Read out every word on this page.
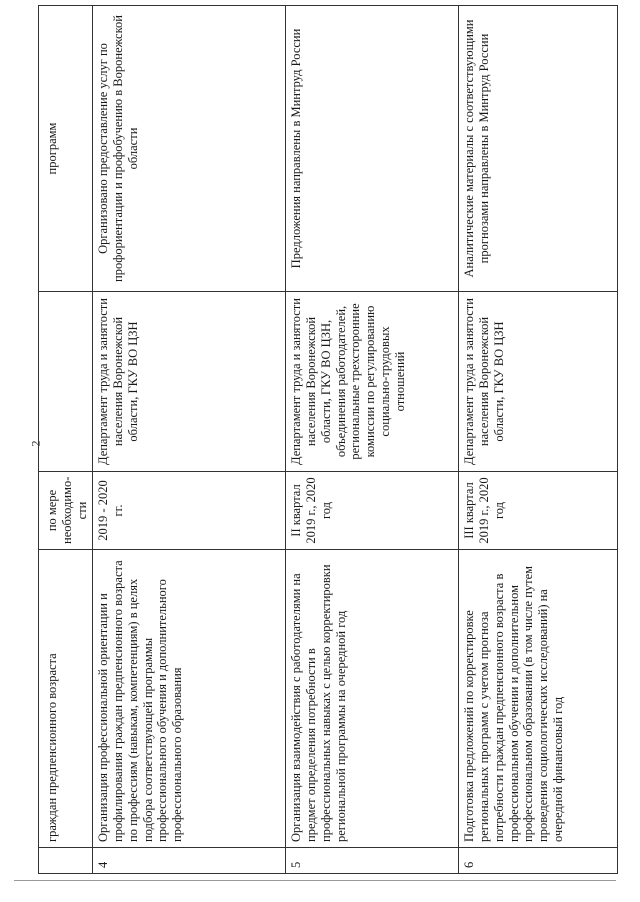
2
	граждан предпенсионного возраста	по мере необходимо-сти		программ
4	Организация профессиональной ориентации и профилирования граждан предпенсионного возраста по профессиям (навыкам, компетенциям) в целях подбора соответствующей программы профессионального обучения и дополнительного профессионального образования	2019 - 2020 гг.	Департамент труда и занятости населения Воронежской области, ГКУ ВО ЦЗН	Организовано предоставление услуг по профориентации и профобучению в Воронежской области
5	Организация взаимодействия с работодателями на предмет определения потребности в профессиональных навыках с целью корректировки региональной программы на очередной год	II квартал 2019 г., 2020 год	Департамент труда и занятости населения Воронежской области, ГКУ ВО ЦЗН, объединения работодателей, региональные трехсторонние комиссии по регулированию социально-трудовых отношений	Предложения направлены в Минтруд России
6	Подготовка предложений по корректировке региональных программ с учетом прогноза потребности граждан предпенсионного возраста в профессиональном обучении и дополнительном профессиональном образовании (в том числе путем проведения социологических исследований) на очередной финансовый год	III квартал 2019 г., 2020 год	Департамент труда и занятости населения Воронежской области, ГКУ ВО ЦЗН	Аналитические материалы с соответствующими прогнозами направлены в Минтруд России
